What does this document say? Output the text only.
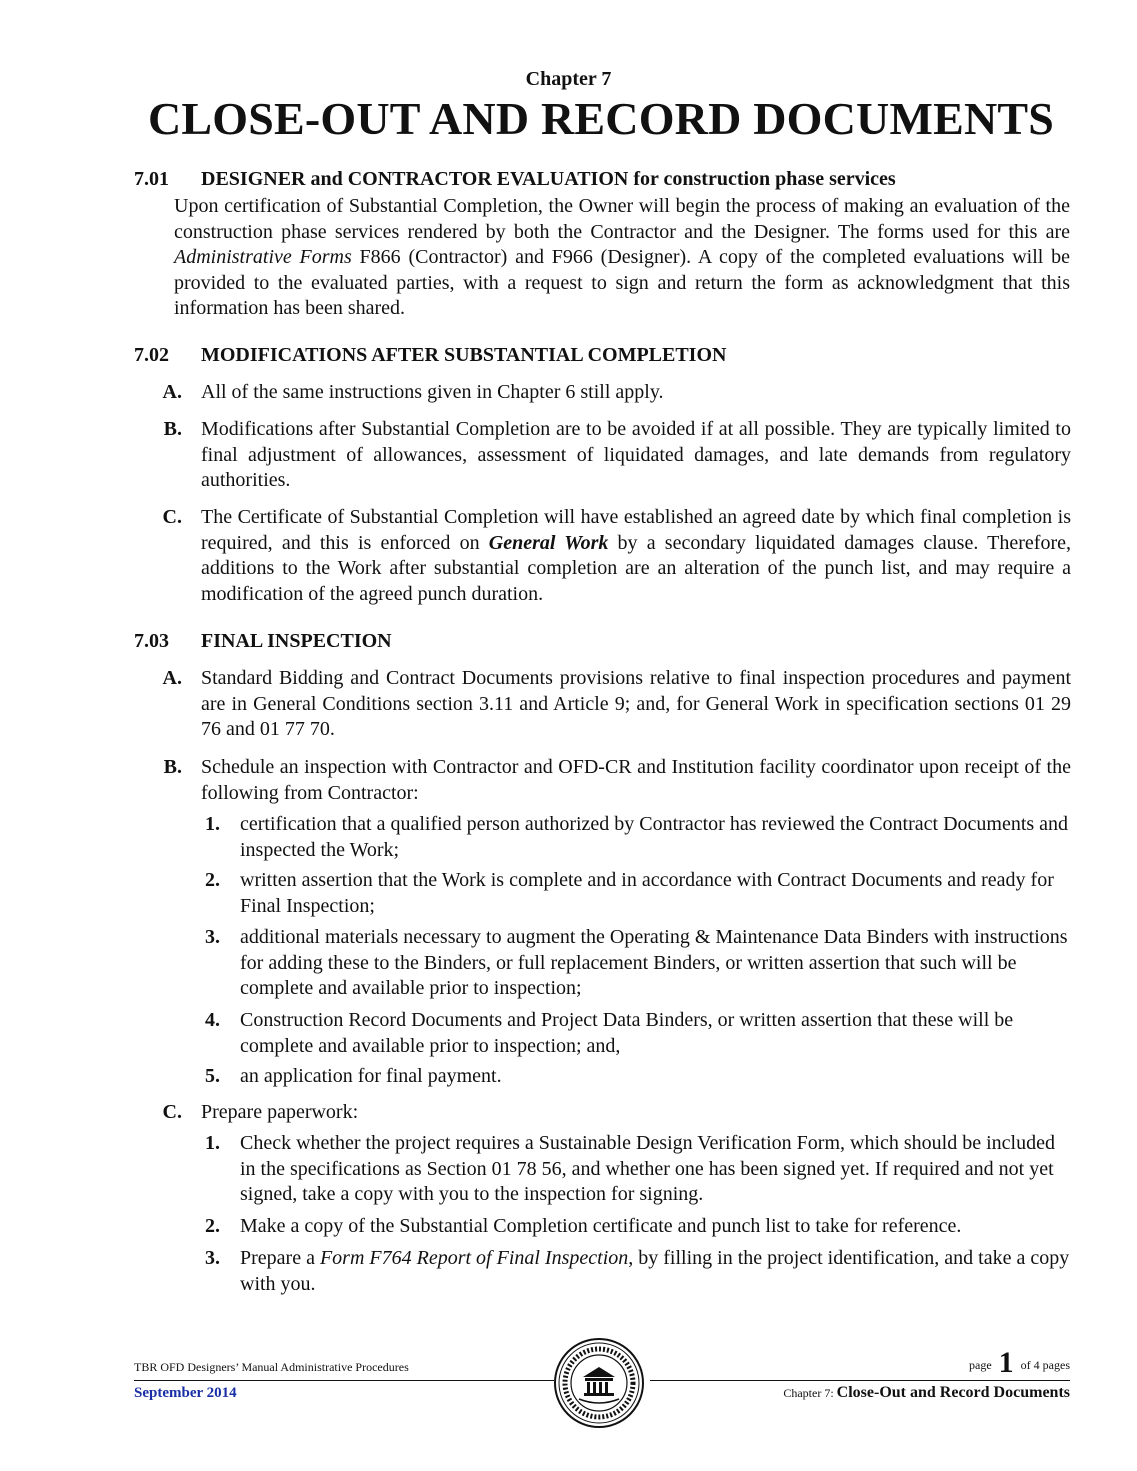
Chapter 7
CLOSE-OUT AND RECORD DOCUMENTS
7.01 DESIGNER and CONTRACTOR EVALUATION for construction phase services
Upon certification of Substantial Completion, the Owner will begin the process of making an evaluation of the construction phase services rendered by both the Contractor and the Designer. The forms used for this are Administrative Forms F866 (Contractor) and F966 (Designer). A copy of the completed evaluations will be provided to the evaluated parties, with a request to sign and return the form as acknowledgment that this information has been shared.
7.02 MODIFICATIONS AFTER SUBSTANTIAL COMPLETION
A. All of the same instructions given in Chapter 6 still apply.
B. Modifications after Substantial Completion are to be avoided if at all possible. They are typically limited to final adjustment of allowances, assessment of liquidated damages, and late demands from regulatory authorities.
C. The Certificate of Substantial Completion will have established an agreed date by which final completion is required, and this is enforced on General Work by a secondary liquidated damages clause. Therefore, additions to the Work after substantial completion are an alteration of the punch list, and may require a modification of the agreed punch duration.
7.03 FINAL INSPECTION
A. Standard Bidding and Contract Documents provisions relative to final inspection procedures and payment are in General Conditions section 3.11 and Article 9; and, for General Work in specification sections 01 29 76 and 01 77 70.
B. Schedule an inspection with Contractor and OFD-CR and Institution facility coordinator upon receipt of the following from Contractor:
1. certification that a qualified person authorized by Contractor has reviewed the Contract Documents and inspected the Work;
2. written assertion that the Work is complete and in accordance with Contract Documents and ready for Final Inspection;
3. additional materials necessary to augment the Operating & Maintenance Data Binders with instructions for adding these to the Binders, or full replacement Binders, or written assertion that such will be complete and available prior to inspection;
4. Construction Record Documents and Project Data Binders, or written assertion that these will be complete and available prior to inspection; and,
5. an application for final payment.
C. Prepare paperwork:
1. Check whether the project requires a Sustainable Design Verification Form, which should be included in the specifications as Section 01 78 56, and whether one has been signed yet. If required and not yet signed, take a copy with you to the inspection for signing.
2. Make a copy of the Substantial Completion certificate and punch list to take for reference.
3. Prepare a Form F764 Report of Final Inspection, by filling in the project identification, and take a copy with you.
TBR OFD Designers’ Manual Administrative Procedures
September 2014
page 1 of 4 pages
Chapter 7: Close-Out and Record Documents
